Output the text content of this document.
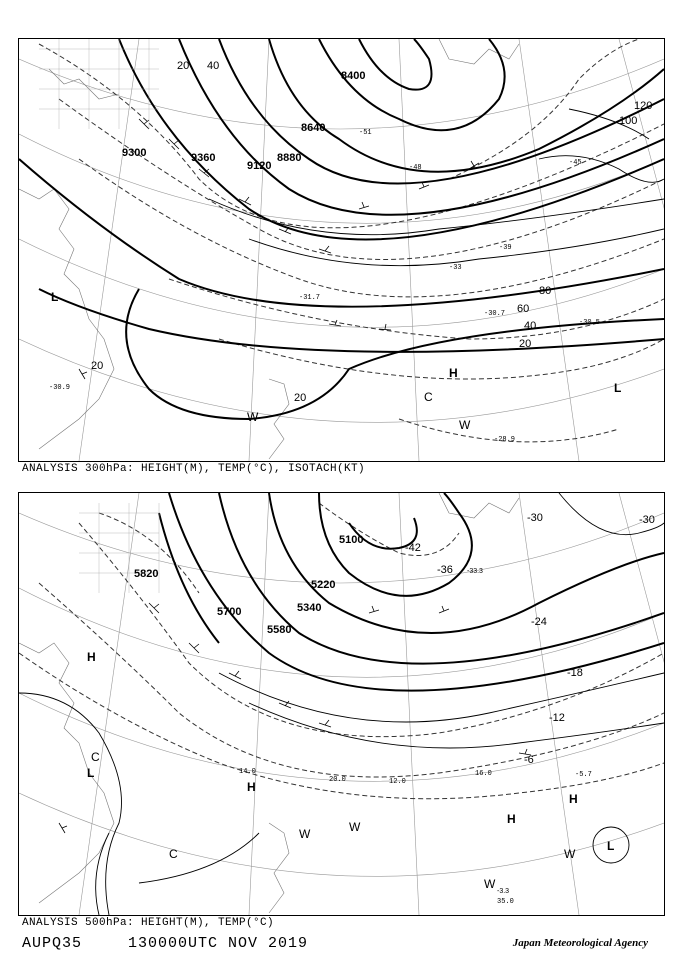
8400
8640
9120
9300	9360	8880
120
100
80
60
40
20
40
20
20
20
-45
-51
-48
-39
-33
-30.7
-30.5
-28.9
-31.7
-30.9
L
H
L
C
W
W
ANALYSIS 300hPa: HEIGHT(M), TEMP(°C), ISOTACH(KT)
5100
5220
5340
5580
5700
5820
-42
-36
-30
-24
-18
-12
-6
-30
-33.3
-3.3
35.0
14.0
20.0	12.0
16.0	-5.7
H
L
C
H
H
H
L
C
W
W
W
W
ANALYSIS 500hPa: HEIGHT(M), TEMP(°C)
AUPQ35	130000UTC NOV 2019	Japan Meteorological Agency
